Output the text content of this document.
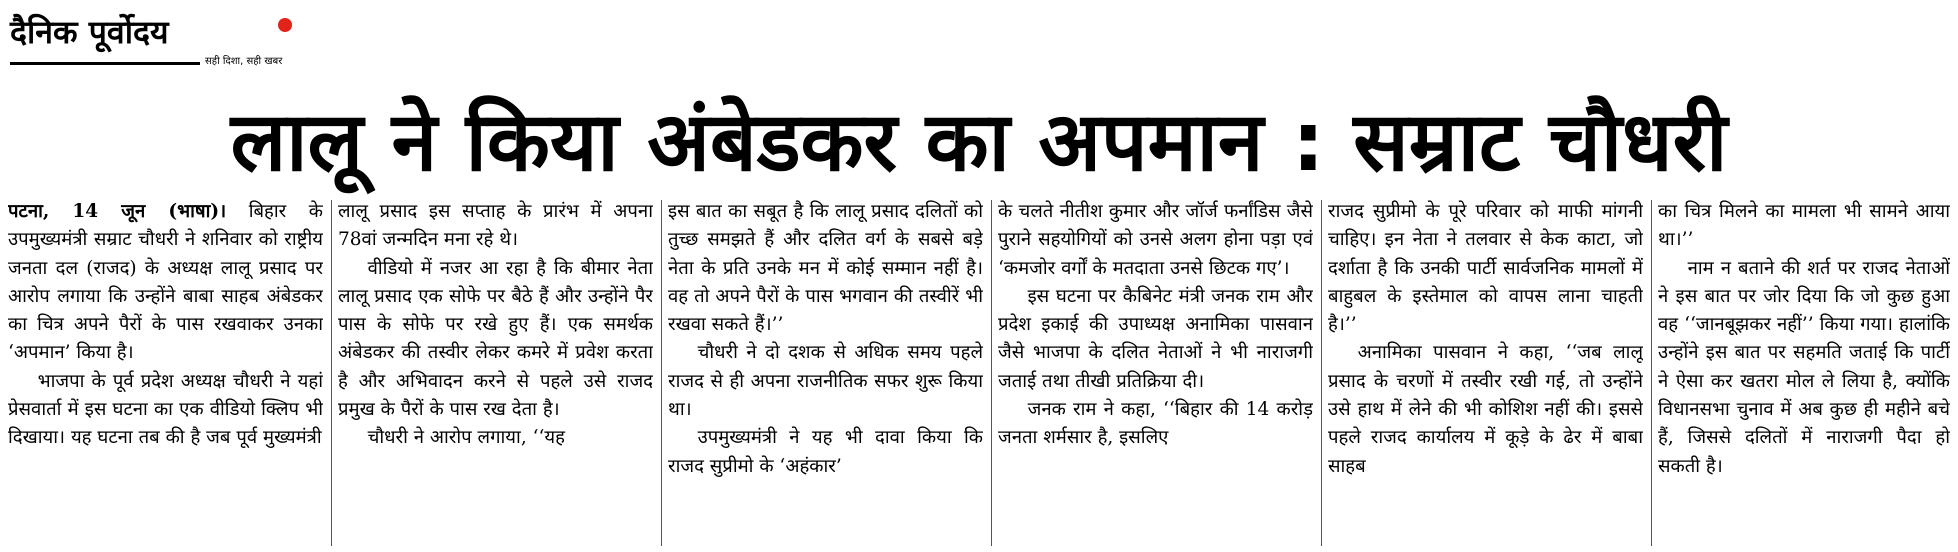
दैनिक पूर्वोदय
सही दिशा, सही खबर
लालू ने किया अंबेडकर का अपमान : सम्राट चौधरी

पटना, 14 जून (भाषा)। बिहार के उपमुख्यमंत्री सम्राट चौधरी ने शनिवार को राष्ट्रीय जनता दल (राजद) के अध्यक्ष लालू प्रसाद पर आरोप लगाया कि उन्होंने बाबा साहब अंबेडकर का चित्र अपने पैरों के पास रखवाकर उनका ‘अपमान’ किया है।

भाजपा के पूर्व प्रदेश अध्यक्ष चौधरी ने यहां प्रेसवार्ता में इस घटना का एक वीडियो क्लिप भी दिखाया। यह घटना तब की है जब पूर्व मुख्यमंत्री

लालू प्रसाद इस सप्ताह के प्रारंभ में अपना 78वां जन्मदिन मना रहे थे।

वीडियो में नजर आ रहा है कि बीमार नेता लालू प्रसाद एक सोफे पर बैठे हैं और उन्होंने पैर पास के सोफे पर रखे हुए हैं। एक समर्थक अंबेडकर की तस्वीर लेकर कमरे में प्रवेश करता है और अभिवादन करने से पहले उसे राजद प्रमुख के पैरों के पास रख देता है।

चौधरी ने आरोप लगाया, ‘‘यह

इस बात का सबूत है कि लालू प्रसाद दलितों को तुच्छ समझते हैं और दलित वर्ग के सबसे बड़े नेता के प्रति उनके मन में कोई सम्मान नहीं है। वह तो अपने पैरों के पास भगवान की तस्वीरें भी रखवा सकते हैं।’’

चौधरी ने दो दशक से अधिक समय पहले राजद से ही अपना राजनीतिक सफर शुरू किया था।

उपमुख्यमंत्री ने यह भी दावा किया कि राजद सुप्रीमो के ‘अहंकार’

के चलते नीतीश कुमार और जॉर्ज फर्नांडिस जैसे पुराने सहयोगियों को उनसे अलग होना पड़ा एवं ‘कमजोर वर्गों के मतदाता उनसे छिटक गए’।

इस घटना पर कैबिनेट मंत्री जनक राम और प्रदेश इकाई की उपाध्यक्ष अनामिका पासवान जैसे भाजपा के दलित नेताओं ने भी नाराजगी जताई तथा तीखी प्रतिक्रिया दी।

जनक राम ने कहा, ‘‘बिहार की 14 करोड़ जनता शर्मसार है, इसलिए

राजद सुप्रीमो के पूरे परिवार को माफी मांगनी चाहिए। इन नेता ने तलवार से केक काटा, जो दर्शाता है कि उनकी पार्टी सार्वजनिक मामलों में बाहुबल के इस्तेमाल को वापस लाना चाहती है।’’

अनामिका पासवान ने कहा, ‘‘जब लालू प्रसाद के चरणों में तस्वीर रखी गई, तो उन्होंने उसे हाथ में लेने की भी कोशिश नहीं की। इससे पहले राजद कार्यालय में कूड़े के ढेर में बाबा साहब

का चित्र मिलने का मामला भी सामने आया था।’’

नाम न बताने की शर्त पर राजद नेताओं ने इस बात पर जोर दिया कि जो कुछ हुआ वह ‘‘जानबूझकर नहीं’’ किया गया। हालांकि उन्होंने इस बात पर सहमति जताई कि पार्टी ने ऐसा कर खतरा मोल ले लिया है, क्योंकि विधानसभा चुनाव में अब कुछ ही महीने बचे हैं, जिससे दलितों में नाराजगी पैदा हो सकती है।
